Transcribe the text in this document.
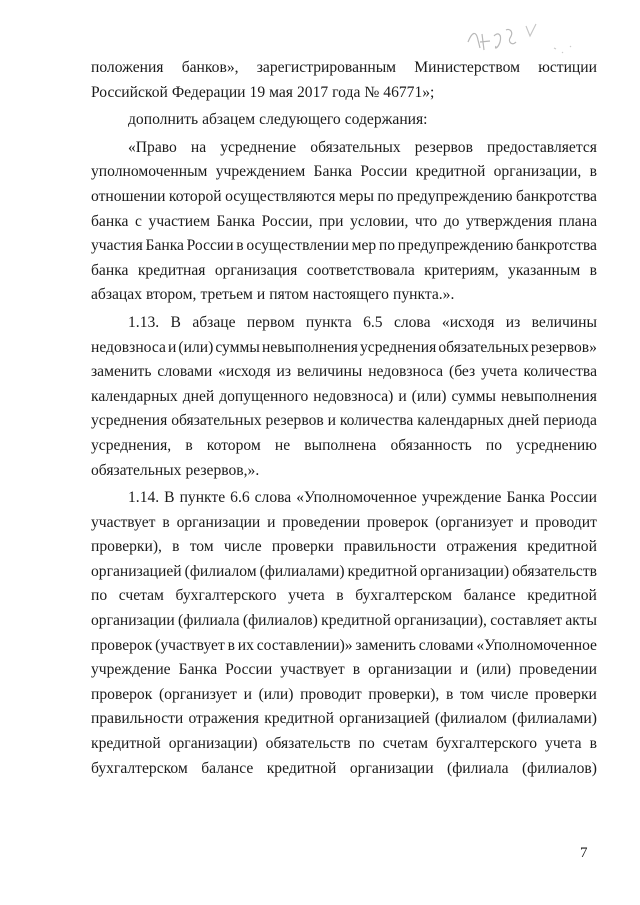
положения банков», зарегистрированным Министерством юстиции
Российской Федерации 19 мая 2017 года № 46771»;
дополнить абзацем следующего содержания:
«Право на усреднение обязательных резервов предоставляется
уполномоченным учреждением Банка России кредитной организации, в
отношении которой осуществляются меры по предупреждению банкротства
банка с участием Банка России, при условии, что до утверждения плана
участия Банка России в осуществлении мер по предупреждению банкротства
банка кредитная организация соответствовала критериям, указанным в
абзацах втором, третьем и пятом настоящего пункта.».
1.13. В абзаце первом пункта 6.5 слова «исходя из величины
недовзноса и (или) суммы невыполнения усреднения обязательных резервов»
заменить словами «исходя из величины недовзноса (без учета количества
календарных дней допущенного недовзноса) и (или) суммы невыполнения
усреднения обязательных резервов и количества календарных дней периода
усреднения, в котором не выполнена обязанность по усреднению
обязательных резервов,».
1.14. В пункте 6.6 слова «Уполномоченное учреждение Банка России
участвует в организации и проведении проверок (организует и проводит
проверки), в том числе проверки правильности отражения кредитной
организацией (филиалом (филиалами) кредитной организации) обязательств
по счетам бухгалтерского учета в бухгалтерском балансе кредитной
организации (филиала (филиалов) кредитной организации), составляет акты
проверок (участвует в их составлении)» заменить словами «Уполномоченное
учреждение Банка России участвует в организации и (или) проведении
проверок (организует и (или) проводит проверки), в том числе проверки
правильности отражения кредитной организацией (филиалом (филиалами)
кредитной организации) обязательств по счетам бухгалтерского учета в
бухгалтерском балансе кредитной организации (филиала (филиалов)
7
